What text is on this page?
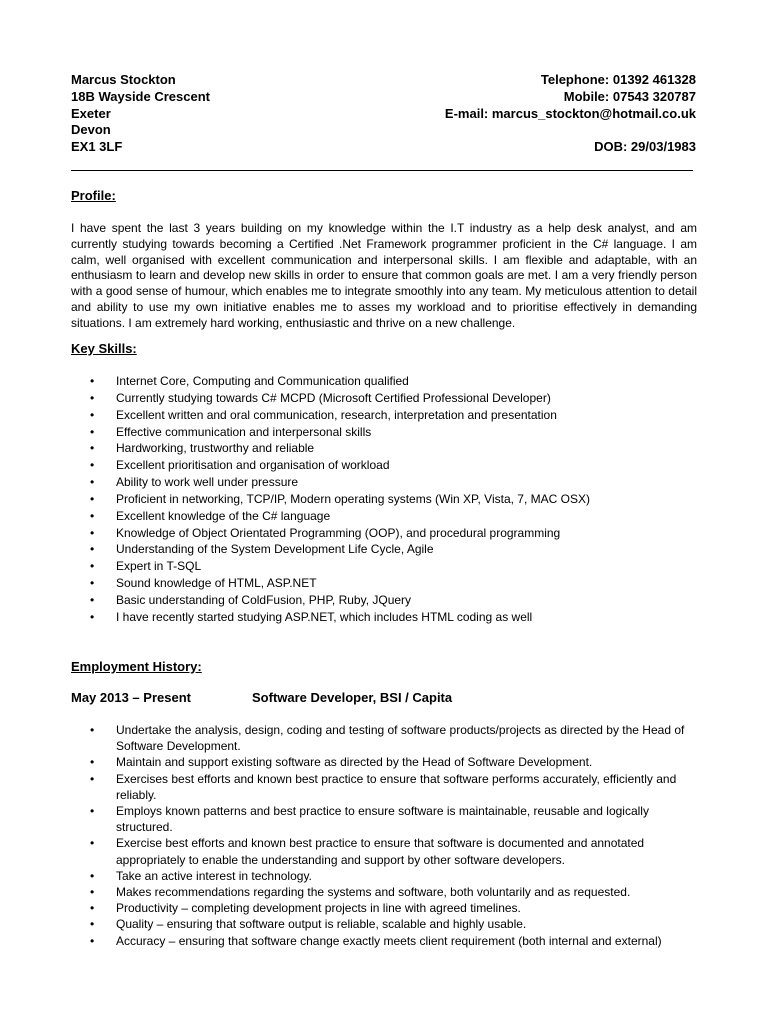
Marcus Stockton
18B Wayside Crescent
Exeter
Devon
EX1 3LF
Telephone: 01392 461328
Mobile: 07543 320787
E-mail: marcus_stockton@hotmail.co.uk

DOB: 29/03/1983
Profile:
I have spent the last 3 years building on my knowledge within the I.T industry as a help desk analyst, and am currently studying towards becoming a Certified .Net Framework programmer proficient in the C# language. I am calm, well organised with excellent communication and interpersonal skills. I am flexible and adaptable, with an enthusiasm to learn and develop new skills in order to ensure that common goals are met. I am a very friendly person with a good sense of humour, which enables me to integrate smoothly into any team. My meticulous attention to detail and ability to use my own initiative enables me to asses my workload and to prioritise effectively in demanding situations. I am extremely hard working, enthusiastic and thrive on a new challenge.
Key Skills:
• Internet Core, Computing and Communication qualified
• Currently studying towards C# MCPD (Microsoft Certified Professional Developer)
• Excellent written and oral communication, research, interpretation and presentation
• Effective communication and interpersonal skills
• Hardworking, trustworthy and reliable
• Excellent prioritisation and organisation of workload
• Ability to work well under pressure
• Proficient in networking, TCP/IP, Modern operating systems (Win XP, Vista, 7, MAC OSX)
• Excellent knowledge of the C# language
• Knowledge of Object Orientated Programming (OOP), and procedural programming
• Understanding of the System Development Life Cycle, Agile
• Expert in T-SQL
• Sound knowledge of HTML, ASP.NET
• Basic understanding of ColdFusion, PHP, Ruby, JQuery
• I have recently started studying ASP.NET, which includes HTML coding as well
Employment History:
May 2013 – Present	Software Developer, BSI / Capita
• Undertake the analysis, design, coding and testing of software products/projects as directed by the Head of Software Development.
• Maintain and support existing software as directed by the Head of Software Development.
• Exercises best efforts and known best practice to ensure that software performs accurately, efficiently and reliably.
• Employs known patterns and best practice to ensure software is maintainable, reusable and logically structured.
• Exercise best efforts and known best practice to ensure that software is documented and annotated appropriately to enable the understanding and support by other software developers.
• Take an active interest in technology.
• Makes recommendations regarding the systems and software, both voluntarily and as requested.
• Productivity – completing development projects in line with agreed timelines.
• Quality – ensuring that software output is reliable, scalable and highly usable.
• Accuracy – ensuring that software change exactly meets client requirement (both internal and external)
